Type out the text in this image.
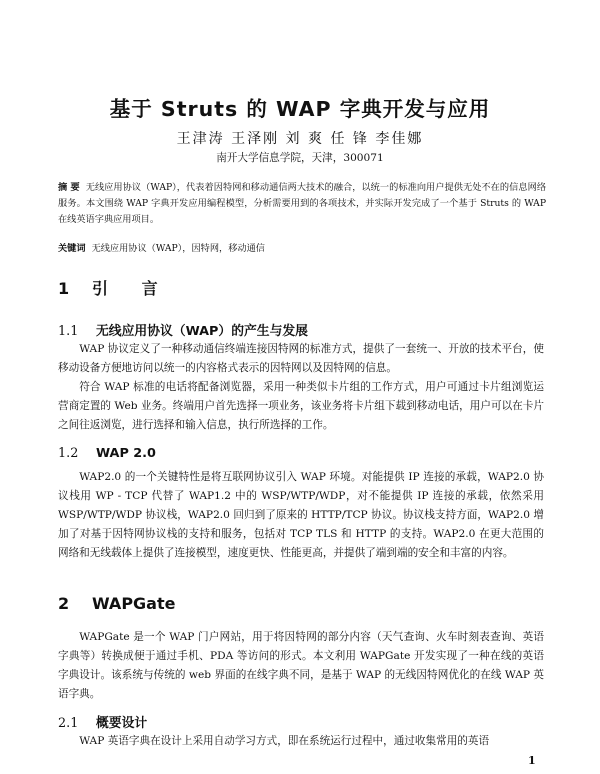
基于 Struts 的 WAP 字典开发与应用
王津涛 王泽刚 刘 爽 任 锋 李佳娜
南开大学信息学院，天津，300071
摘 要 无线应用协议（WAP），代表着因特网和移动通信两大技术的融合，以统一的标准向用户提供无处不在的信息网络服务。本文围绕 WAP 字典开发应用编程模型，分析需要用到的各项技术，并实际开发完成了一个基于 Struts 的 WAP 在线英语字典应用项目。
关键词 无线应用协议（WAP），因特网，移动通信
1 引 言
1.1 无线应用协议（WAP）的产生与发展

WAP 协议定义了一种移动通信终端连接因特网的标准方式，提供了一套统一、开放的技术平台，使移动设备方便地访问以统一的内容格式表示的因特网以及因特网的信息。

符合 WAP 标准的电话将配备浏览器，采用一种类似卡片组的工作方式，用户可通过卡片组浏览运营商定置的 Web 业务。终端用户首先选择一项业务，该业务将卡片组下载到移动电话，用户可以在卡片之间往返浏览，进行选择和输入信息，执行所选择的工作。

1.2 WAP 2.0

WAP2.0 的一个关键特性是将互联网协议引入 WAP 环境。对能提供 IP 连接的承载，WAP2.0 协议栈用 WP - TCP 代替了 WAP1.2 中的 WSP/WTP/WDP，对不能提供 IP 连接的承载，依然采用 WSP/WTP/WDP 协议栈，WAP2.0 回归到了原来的 HTTP/TCP 协议。协议栈支持方面，WAP2.0 增加了对基于因特网协议栈的支持和服务，包括对 TCP TLS 和 HTTP 的支持。WAP2.0 在更大范围的网络和无线载体上提供了连接模型，速度更快、性能更高，并提供了端到端的安全和丰富的内容。

2 WAPGate

WAPGate 是一个 WAP 门户网站，用于将因特网的部分内容（天气查询、火车时刻表查询、英语字典等）转换成便于通过手机、PDA 等访问的形式。本文利用 WAPGate 开发实现了一种在线的英语字典设计。该系统与传统的 web 界面的在线字典不同，是基于 WAP 的无线因特网优化的在线 WAP 英语字典。

2.1 概要设计

WAP 英语字典在设计上采用自动学习方式，即在系统运行过程中，通过收集常用的英语

1
